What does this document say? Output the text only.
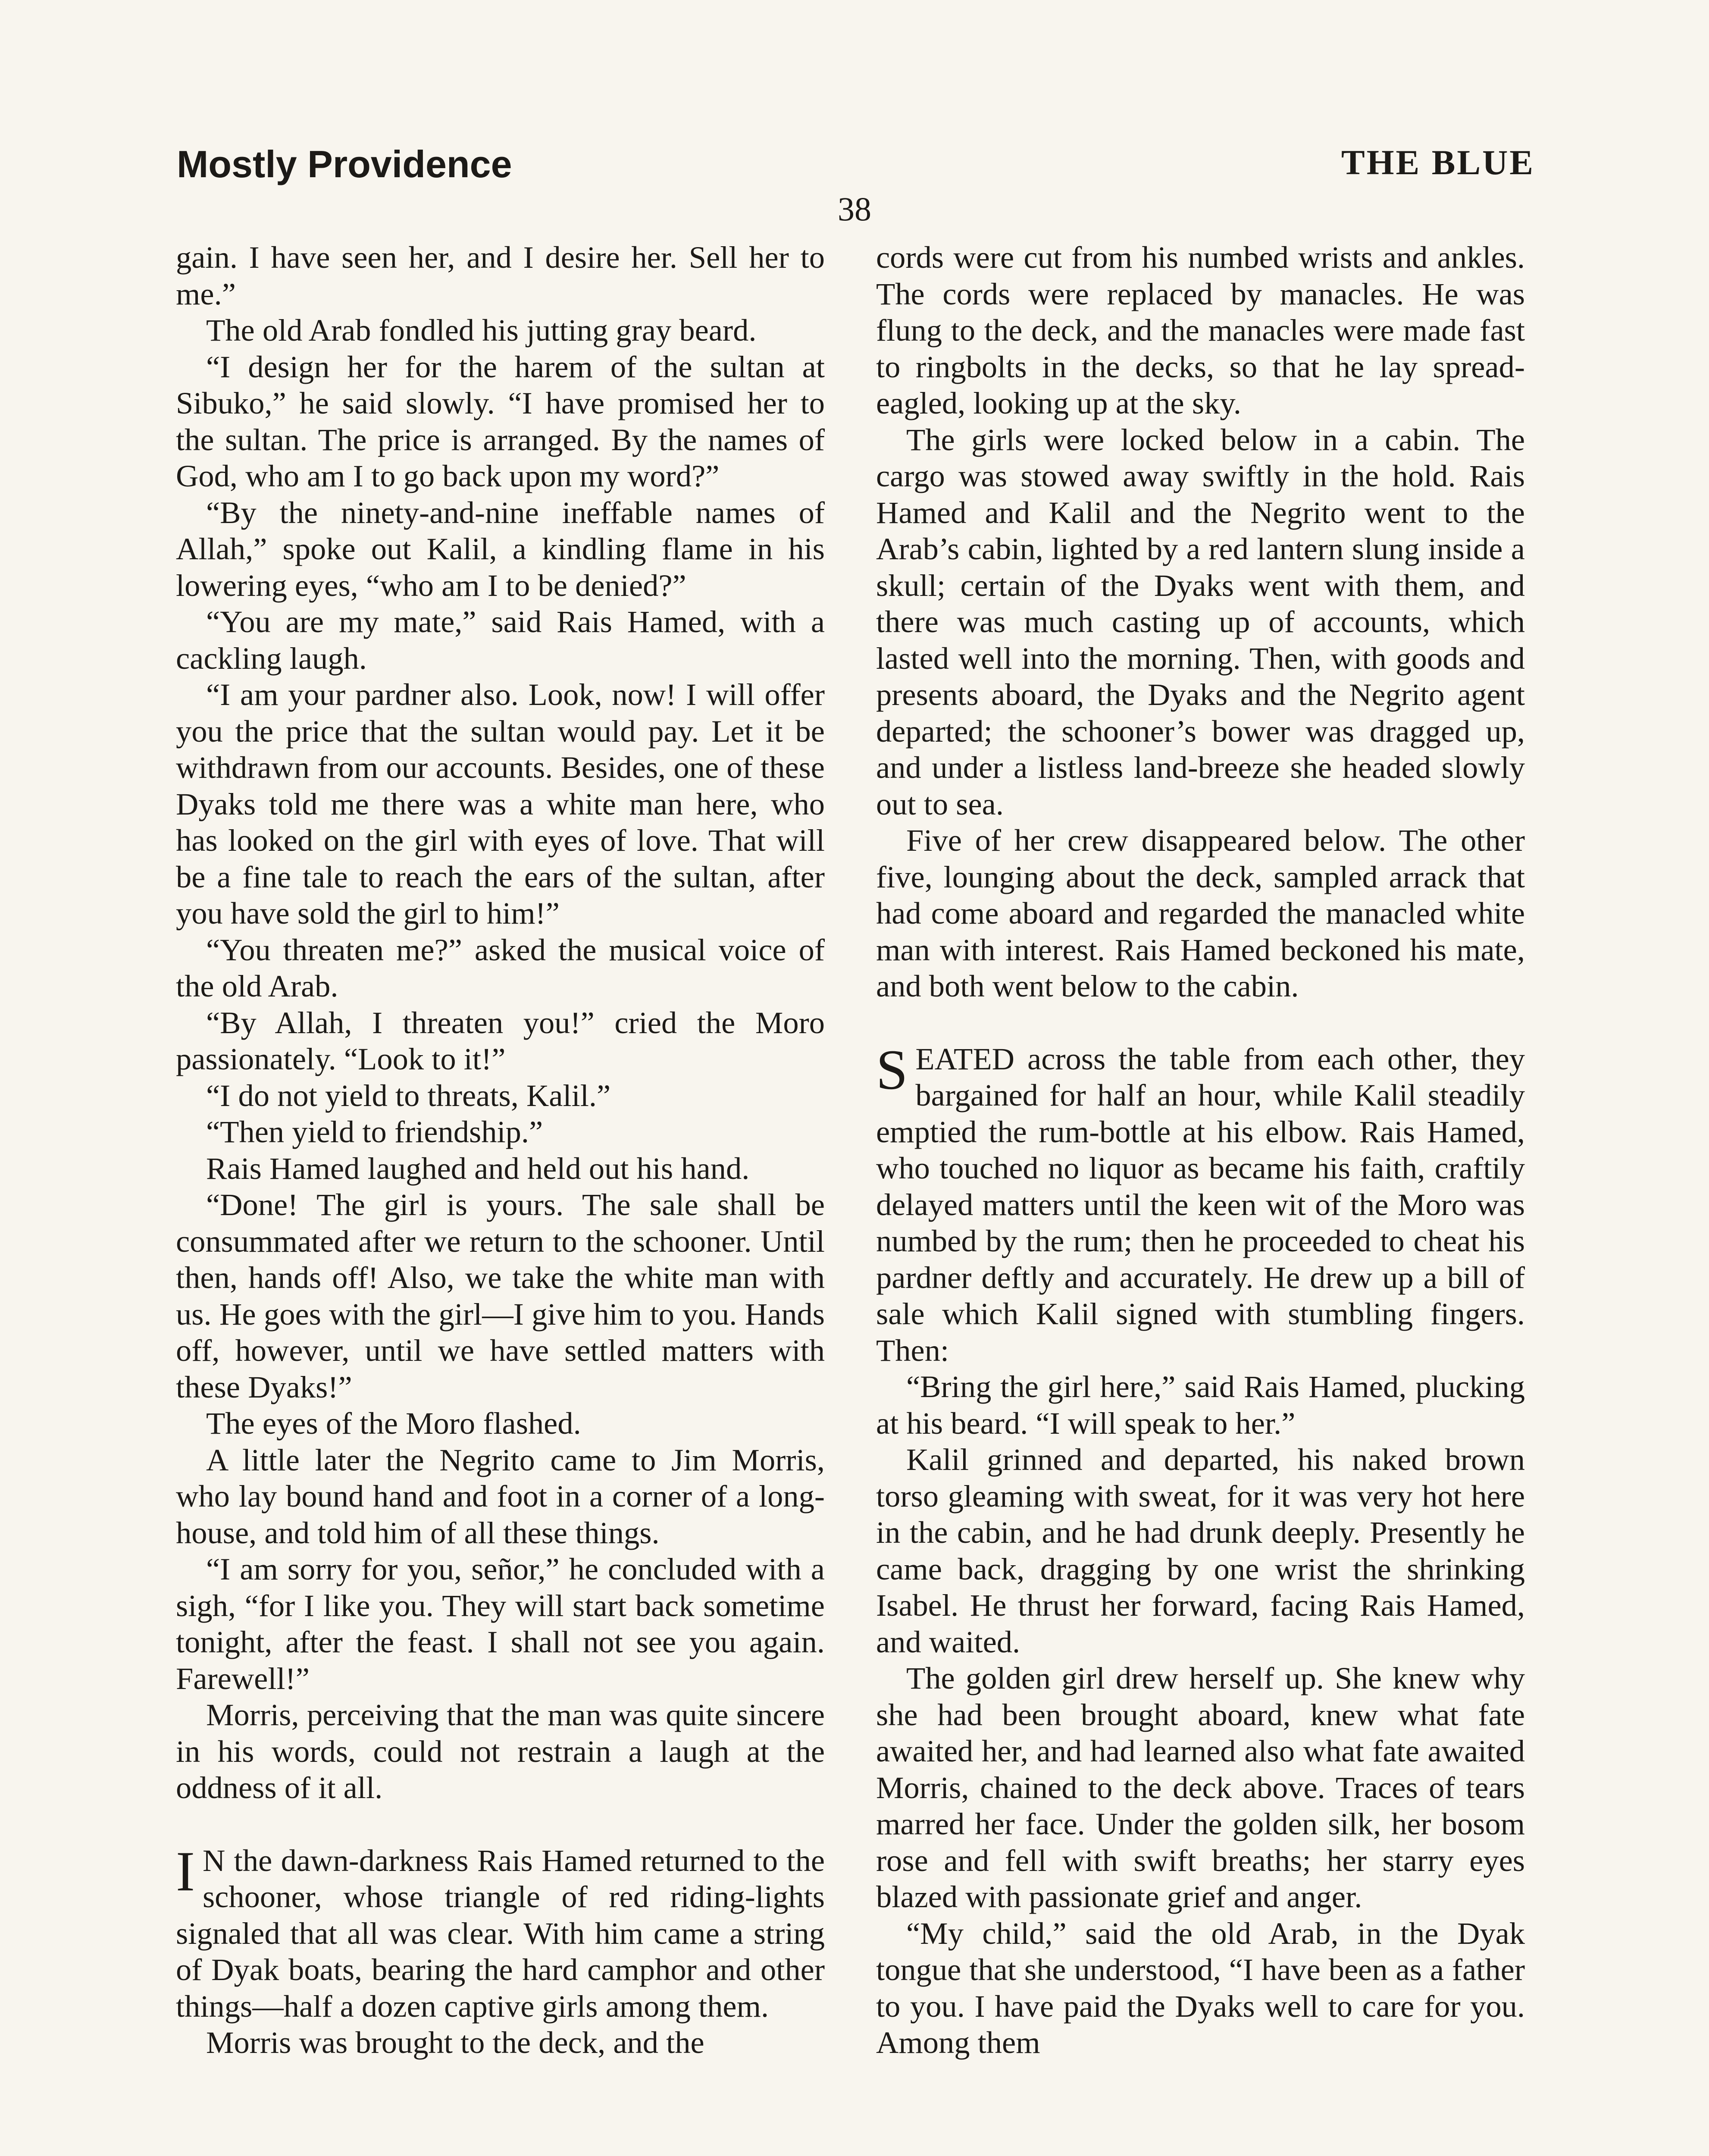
Mostly Providence	THE BLUE
38

gain. I have seen her, and I desire her. Sell her to me.”

The old Arab fondled his jutting gray beard.

“I design her for the harem of the sultan at Sibuko,” he said slowly. “I have promised her to the sultan. The price is arranged. By the names of God, who am I to go back upon my word?”

“By the ninety-and-nine ineffable names of Allah,” spoke out Kalil, a kindling flame in his lowering eyes, “who am I to be denied?”

“You are my mate,” said Rais Hamed, with a cackling laugh.

“I am your pardner also. Look, now! I will offer you the price that the sultan would pay. Let it be withdrawn from our accounts. Besides, one of these Dyaks told me there was a white man here, who has looked on the girl with eyes of love. That will be a fine tale to reach the ears of the sultan, after you have sold the girl to him!”

“You threaten me?” asked the musical voice of the old Arab.

“By Allah, I threaten you!” cried the Moro passionately. “Look to it!”

“I do not yield to threats, Kalil.”

“Then yield to friendship.”

Rais Hamed laughed and held out his hand.

“Done! The girl is yours. The sale shall be consummated after we return to the schooner. Until then, hands off! Also, we take the white man with us. He goes with the girl—I give him to you. Hands off, however, until we have settled matters with these Dyaks!”

The eyes of the Moro flashed.

A little later the Negrito came to Jim Morris, who lay bound hand and foot in a corner of a long-house, and told him of all these things.

“I am sorry for you, señor,” he concluded with a sigh, “for I like you. They will start back sometime tonight, after the feast. I shall not see you again. Farewell!”

Morris, perceiving that the man was quite sincere in his words, could not restrain a laugh at the oddness of it all.

I N the dawn-darkness Rais Hamed returned to the schooner, whose triangle of red riding-lights signaled that all was clear. With him came a string of Dyak boats, bearing the hard camphor and other things—half a dozen captive girls among them.

Morris was brought to the deck, and the

cords were cut from his numbed wrists and ankles. The cords were replaced by manacles. He was flung to the deck, and the manacles were made fast to ringbolts in the decks, so that he lay spread-eagled, looking up at the sky.

The girls were locked below in a cabin. The cargo was stowed away swiftly in the hold. Rais Hamed and Kalil and the Negrito went to the Arab’s cabin, lighted by a red lantern slung inside a skull; certain of the Dyaks went with them, and there was much casting up of accounts, which lasted well into the morning. Then, with goods and presents aboard, the Dyaks and the Negrito agent departed; the schooner’s bower was dragged up, and under a listless land-breeze she headed slowly out to sea.

Five of her crew disappeared below. The other five, lounging about the deck, sampled arrack that had come aboard and regarded the manacled white man with interest. Rais Hamed beckoned his mate, and both went below to the cabin.

SEATED across the table from each other, they bargained for half an hour, while Kalil steadily emptied the rum-bottle at his elbow. Rais Hamed, who touched no liquor as became his faith, craftily delayed matters until the keen wit of the Moro was numbed by the rum; then he proceeded to cheat his pardner deftly and accurately. He drew up a bill of sale which Kalil signed with stumbling fingers. Then:

“Bring the girl here,” said Rais Hamed, plucking at his beard. “I will speak to her.”

Kalil grinned and departed, his naked brown torso gleaming with sweat, for it was very hot here in the cabin, and he had drunk deeply. Presently he came back, dragging by one wrist the shrinking Isabel. He thrust her forward, facing Rais Hamed, and waited.

The golden girl drew herself up. She knew why she had been brought aboard, knew what fate awaited her, and had learned also what fate awaited Morris, chained to the deck above. Traces of tears marred her face. Under the golden silk, her bosom rose and fell with swift breaths; her starry eyes blazed with passionate grief and anger.

“My child,” said the old Arab, in the Dyak tongue that she understood, “I have been as a father to you. I have paid the Dyaks well to care for you. Among them
